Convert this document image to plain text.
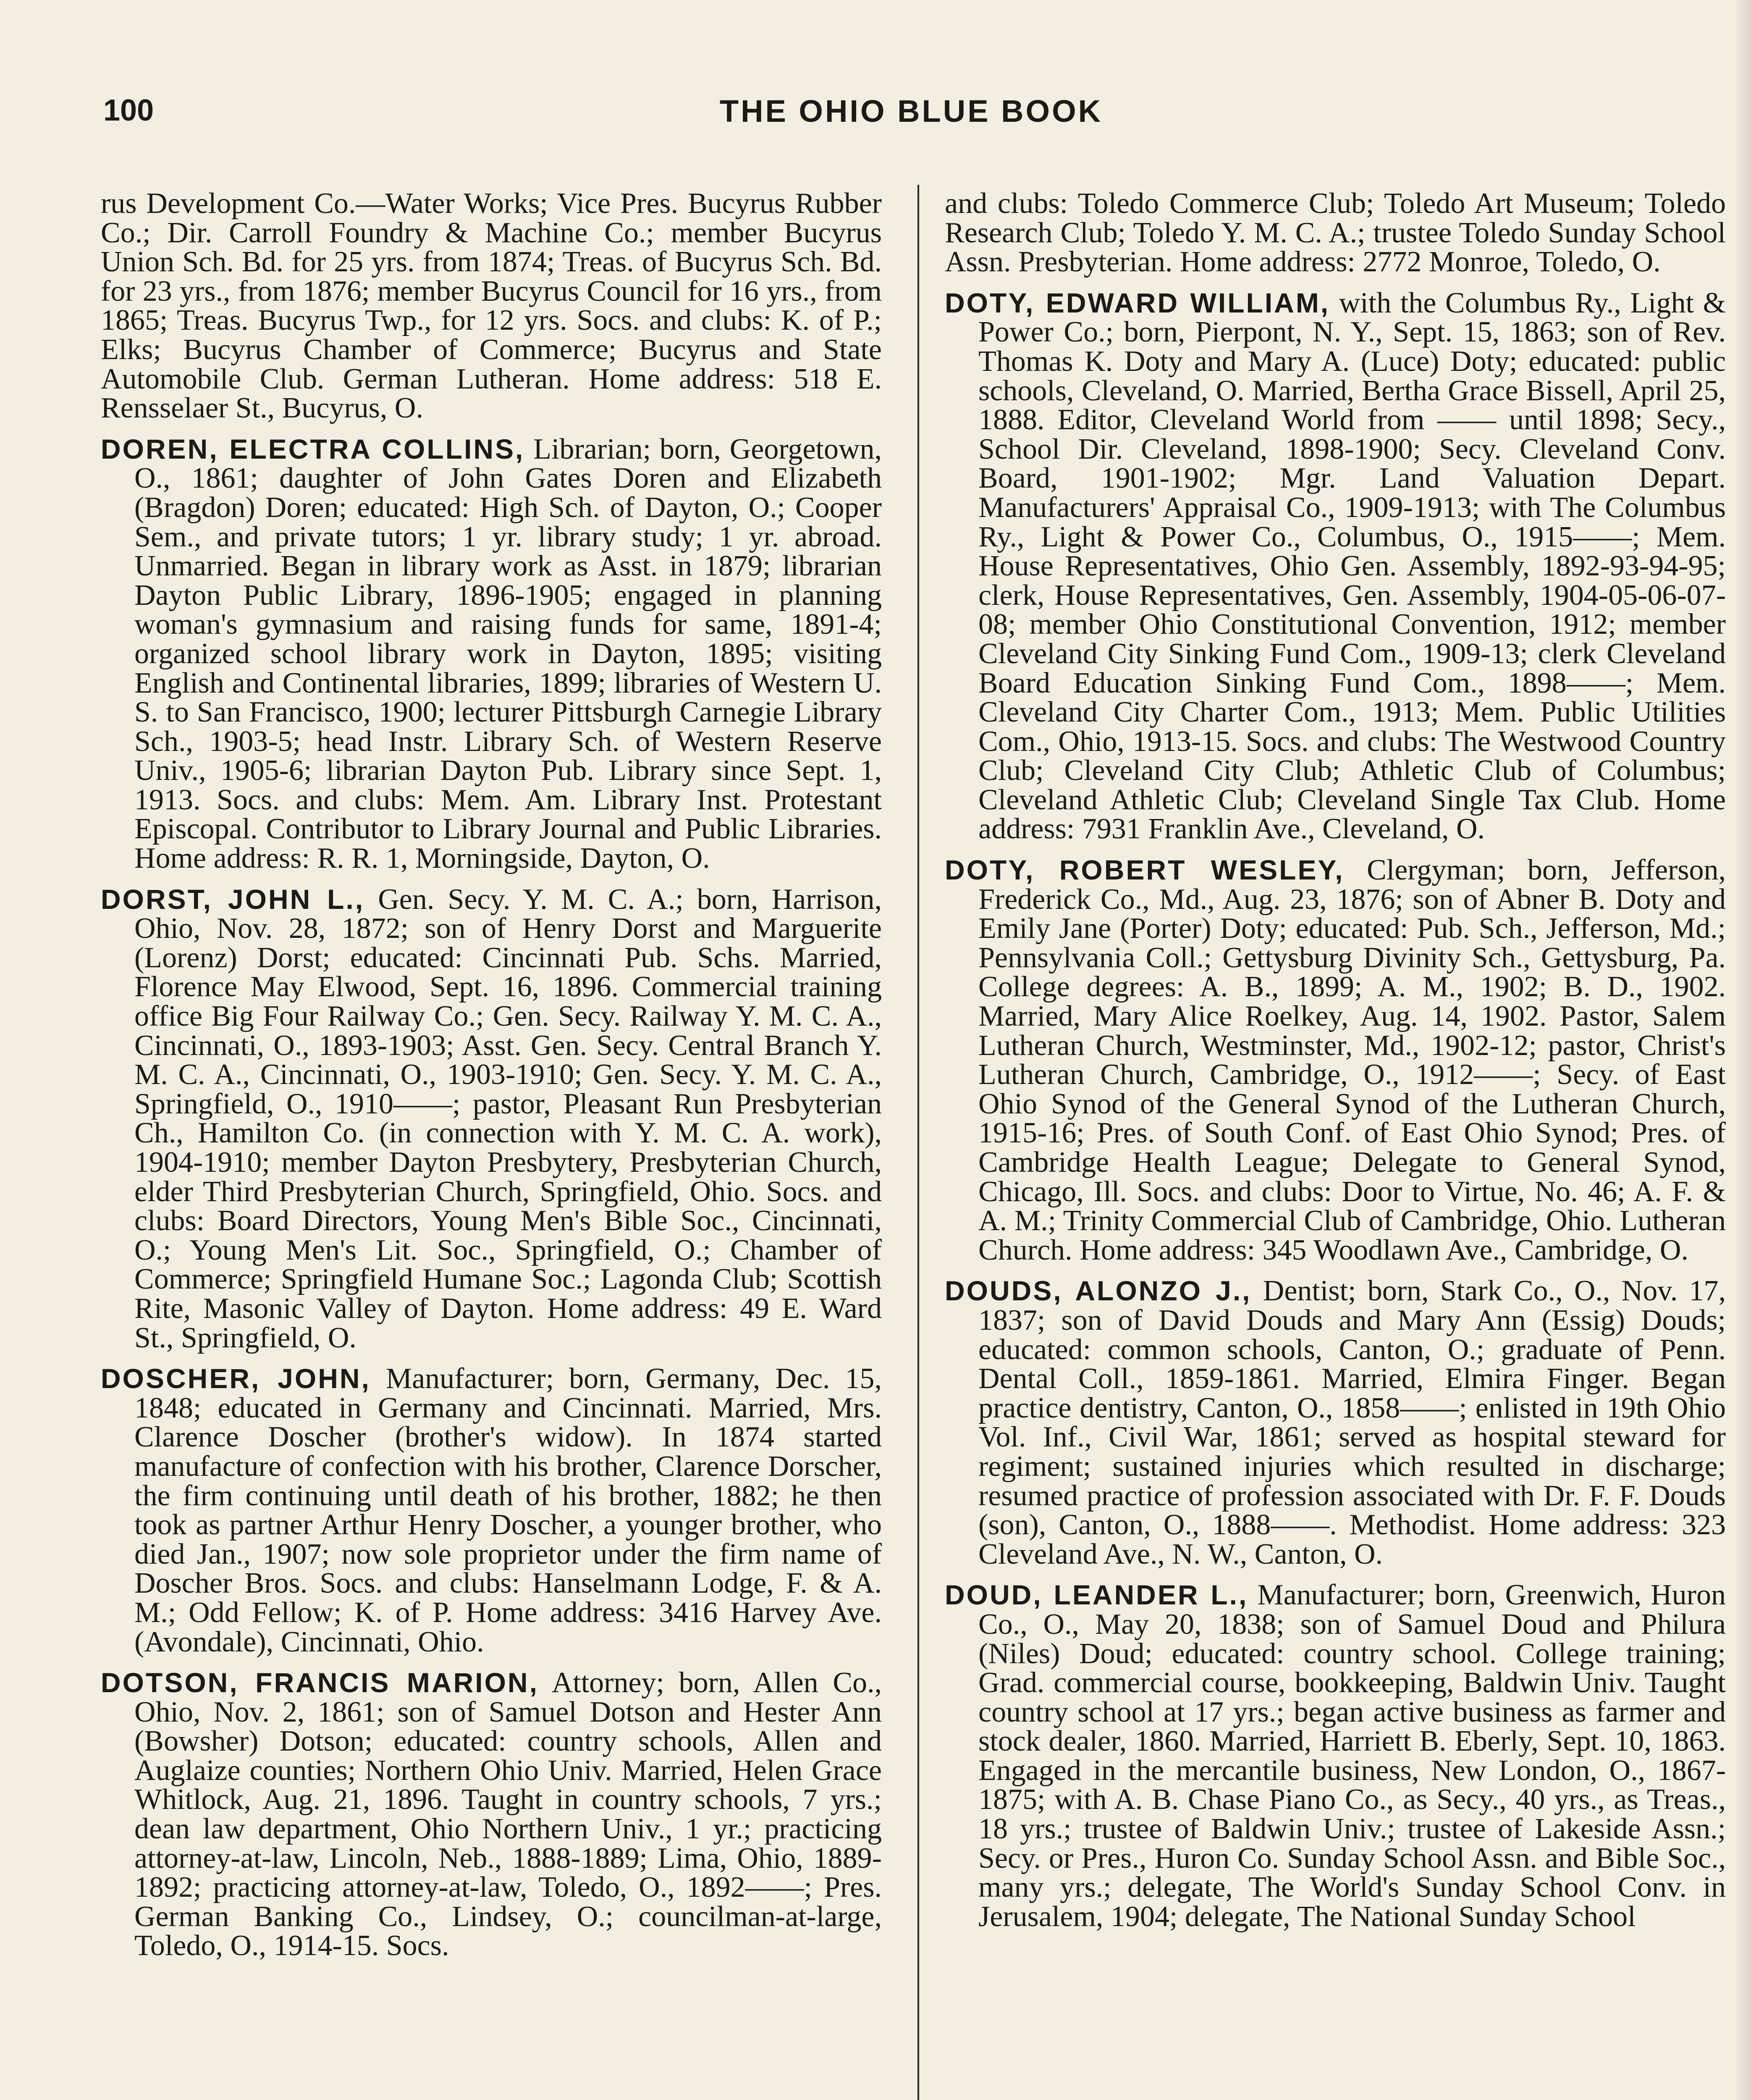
100	THE OHIO BLUE BOOK

rus Development Co.—Water Works; Vice Pres. Bucyrus Rubber Co.; Dir. Carroll Foundry & Machine Co.; member Bucyrus Union Sch. Bd. for 25 yrs. from 1874; Treas. of Bucyrus Sch. Bd. for 23 yrs., from 1876; member Bucyrus Council for 16 yrs., from 1865; Treas. Bucyrus Twp., for 12 yrs. Socs. and clubs: K. of P.; Elks; Bucyrus Chamber of Commerce; Bucyrus and State Automobile Club. German Lutheran. Home address: 518 E. Rensselaer St., Bucyrus, O.

DOREN, ELECTRA COLLINS, Librarian; born, Georgetown, O., 1861; daughter of John Gates Doren and Elizabeth (Bragdon) Doren; educated: High Sch. of Dayton, O.; Cooper Sem., and private tutors; 1 yr. library study; 1 yr. abroad. Unmarried. Began in library work as Asst. in 1879; librarian Dayton Public Library, 1896-1905; engaged in planning woman's gymnasium and raising funds for same, 1891-4; organized school library work in Dayton, 1895; visiting English and Continental libraries, 1899; libraries of Western U. S. to San Francisco, 1900; lecturer Pittsburgh Carnegie Library Sch., 1903-5; head Instr. Library Sch. of Western Reserve Univ., 1905-6; librarian Dayton Pub. Library since Sept. 1, 1913. Socs. and clubs: Mem. Am. Library Inst. Protestant Episcopal. Contributor to Library Journal and Public Libraries. Home address: R. R. 1, Morningside, Dayton, O.

DORST, JOHN L., Gen. Secy. Y. M. C. A.; born, Harrison, Ohio, Nov. 28, 1872; son of Henry Dorst and Marguerite (Lorenz) Dorst; educated: Cincinnati Pub. Schs. Married, Florence May Elwood, Sept. 16, 1896. Commercial training office Big Four Railway Co.; Gen. Secy. Railway Y. M. C. A., Cincinnati, O., 1893-1903; Asst. Gen. Secy. Central Branch Y. M. C. A., Cincinnati, O., 1903-1910; Gen. Secy. Y. M. C. A., Springfield, O., 1910——; pastor, Pleasant Run Presbyterian Ch., Hamilton Co. (in connection with Y. M. C. A. work), 1904-1910; member Dayton Presbytery, Presbyterian Church, elder Third Presbyterian Church, Springfield, Ohio. Socs. and clubs: Board Directors, Young Men's Bible Soc., Cincinnati, O.; Young Men's Lit. Soc., Springfield, O.; Chamber of Commerce; Springfield Humane Soc.; Lagonda Club; Scottish Rite, Masonic Valley of Dayton. Home address: 49 E. Ward St., Springfield, O.

DOSCHER, JOHN, Manufacturer; born, Germany, Dec. 15, 1848; educated in Germany and Cincinnati. Married, Mrs. Clarence Doscher (brother's widow). In 1874 started manufacture of confection with his brother, Clarence Dorscher, the firm continuing until death of his brother, 1882; he then took as partner Arthur Henry Doscher, a younger brother, who died Jan., 1907; now sole proprietor under the firm name of Doscher Bros. Socs. and clubs: Hanselmann Lodge, F. & A. M.; Odd Fellow; K. of P. Home address: 3416 Harvey Ave. (Avondale), Cincinnati, Ohio.

DOTSON, FRANCIS MARION, Attorney; born, Allen Co., Ohio, Nov. 2, 1861; son of Samuel Dotson and Hester Ann (Bowsher) Dotson; educated: country schools, Allen and Auglaize counties; Northern Ohio Univ. Married, Helen Grace Whitlock, Aug. 21, 1896. Taught in country schools, 7 yrs.; dean law department, Ohio Northern Univ., 1 yr.; practicing attorney-at-law, Lincoln, Neb., 1888-1889; Lima, Ohio, 1889-1892; practicing attorney-at-law, Toledo, O., 1892——; Pres. German Banking Co., Lindsey, O.; councilman-at-large, Toledo, O., 1914-15. Socs.

and clubs: Toledo Commerce Club; Toledo Art Museum; Toledo Research Club; Toledo Y. M. C. A.; trustee Toledo Sunday School Assn. Presbyterian. Home address: 2772 Monroe, Toledo, O.

DOTY, EDWARD WILLIAM, with the Columbus Ry., Light & Power Co.; born, Pierpont, N. Y., Sept. 15, 1863; son of Rev. Thomas K. Doty and Mary A. (Luce) Doty; educated: public schools, Cleveland, O. Married, Bertha Grace Bissell, April 25, 1888. Editor, Cleveland World from —— until 1898; Secy., School Dir. Cleveland, 1898-1900; Secy. Cleveland Conv. Board, 1901-1902; Mgr. Land Valuation Depart. Manufacturers' Appraisal Co., 1909-1913; with The Columbus Ry., Light & Power Co., Columbus, O., 1915——; Mem. House Representatives, Ohio Gen. Assembly, 1892-93-94-95; clerk, House Representatives, Gen. Assembly, 1904-05-06-07-08; member Ohio Constitutional Convention, 1912; member Cleveland City Sinking Fund Com., 1909-13; clerk Cleveland Board Education Sinking Fund Com., 1898——; Mem. Cleveland City Charter Com., 1913; Mem. Public Utilities Com., Ohio, 1913-15. Socs. and clubs: The Westwood Country Club; Cleveland City Club; Athletic Club of Columbus; Cleveland Athletic Club; Cleveland Single Tax Club. Home address: 7931 Franklin Ave., Cleveland, O.

DOTY, ROBERT WESLEY, Clergyman; born, Jefferson, Frederick Co., Md., Aug. 23, 1876; son of Abner B. Doty and Emily Jane (Porter) Doty; educated: Pub. Sch., Jefferson, Md.; Pennsylvania Coll.; Gettysburg Divinity Sch., Gettysburg, Pa. College degrees: A. B., 1899; A. M., 1902; B. D., 1902. Married, Mary Alice Roelkey, Aug. 14, 1902. Pastor, Salem Lutheran Church, Westminster, Md., 1902-12; pastor, Christ's Lutheran Church, Cambridge, O., 1912——; Secy. of East Ohio Synod of the General Synod of the Lutheran Church, 1915-16; Pres. of South Conf. of East Ohio Synod; Pres. of Cambridge Health League; Delegate to General Synod, Chicago, Ill. Socs. and clubs: Door to Virtue, No. 46; A. F. & A. M.; Trinity Commercial Club of Cambridge, Ohio. Lutheran Church. Home address: 345 Woodlawn Ave., Cambridge, O.

DOUDS, ALONZO J., Dentist; born, Stark Co., O., Nov. 17, 1837; son of David Douds and Mary Ann (Essig) Douds; educated: common schools, Canton, O.; graduate of Penn. Dental Coll., 1859-1861. Married, Elmira Finger. Began practice dentistry, Canton, O., 1858——; enlisted in 19th Ohio Vol. Inf., Civil War, 1861; served as hospital steward for regiment; sustained injuries which resulted in discharge; resumed practice of profession associated with Dr. F. F. Douds (son), Canton, O., 1888——. Methodist. Home address: 323 Cleveland Ave., N. W., Canton, O.

DOUD, LEANDER L., Manufacturer; born, Greenwich, Huron Co., O., May 20, 1838; son of Samuel Doud and Philura (Niles) Doud; educated: country school. College training; Grad. commercial course, bookkeeping, Baldwin Univ. Taught country school at 17 yrs.; began active business as farmer and stock dealer, 1860. Married, Harriett B. Eberly, Sept. 10, 1863. Engaged in the mercantile business, New London, O., 1867-1875; with A. B. Chase Piano Co., as Secy., 40 yrs., as Treas., 18 yrs.; trustee of Baldwin Univ.; trustee of Lakeside Assn.; Secy. or Pres., Huron Co. Sunday School Assn. and Bible Soc., many yrs.; delegate, The World's Sunday School Conv. in Jerusalem, 1904; delegate, The National Sunday School
